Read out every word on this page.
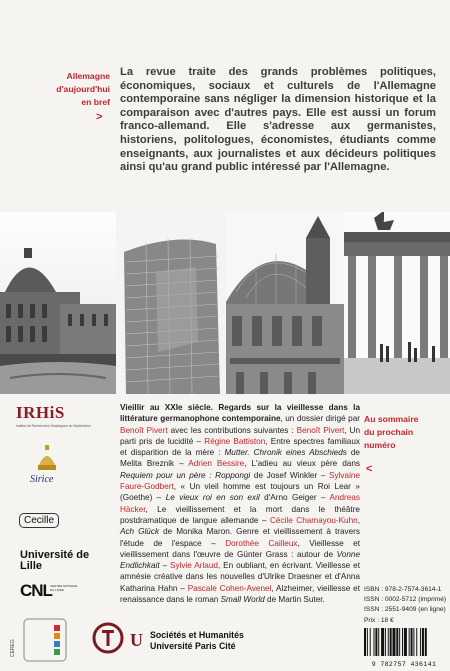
Allemagne
d'aujourd'hui
en bref
>

La revue traite des grands problèmes politiques, économiques, sociaux et culturels de l'Allemagne contemporaine sans négliger la dimension historique et la comparaison avec d'autres pays. Elle est aussi un forum franco-allemand. Elle s'adresse aux germanistes, historiens, politologues, économistes, étudiants comme enseignants, aux journalistes et aux décideurs politiques ainsi qu'au grand public intéressé par l'Allemagne.

IRHiS
Institut de Recherches Historiques du Septentrion
Sirice
Cecille
Université de Lille
CNL
CENTRE NATIONAL DU LIVRE
CEREG

Vieillir au XXIe siècle. Regards sur la vieillesse dans la littérature germanophone contemporaine, un dossier dirigé par Benoît Pivert avec les contributions suivantes : Benoît Pivert, Un parti pris de lucidité – Régine Battiston, Entre spectres familiaux et disparition de la mère : Mutter. Chronik eines Abschieds de Melita Breznik – Adrien Bessire, L'adieu au vieux père dans Requiem pour un père : Roppongi de Josef Winkler – Sylvaine Faure-Godbert, « Un vieil homme est toujours un Roi Lear » (Goethe) – Le vieux roi en son exil d'Arno Geiger – Andreas Häcker, Le vieillissement et la mort dans le théâtre postdramatique de langue allemande – Cécile Chamayou-Kuhn, Ach Glück de Monika Maron. Genre et vieillissement à travers l'étude de l'espace – Dorothée Cailleux, Vieillesse et vieillissement dans l'œuvre de Günter Grass : autour de Vonne Endlichkait – Sylvie Arlaud, En oubliant, en écrivant. Vieillesse et amnésie créative dans les nouvelles d'Ulrike Draesner et d'Anna Katharina Hahn – Pascale Cohen-Avenel, Alzheimer, vieillesse et renaissance dans le roman Small World de Martin Suter.

Au sommaire
du prochain
numéro
<
ISBN : 978-2-7574-3614-1
ISSN : 0002-5712 (imprimé)
ISSN : 2551-9409 (en ligne)
Prix : 18 €
9 782757 436141
U Sociétés et Humanités
Université Paris Cité
